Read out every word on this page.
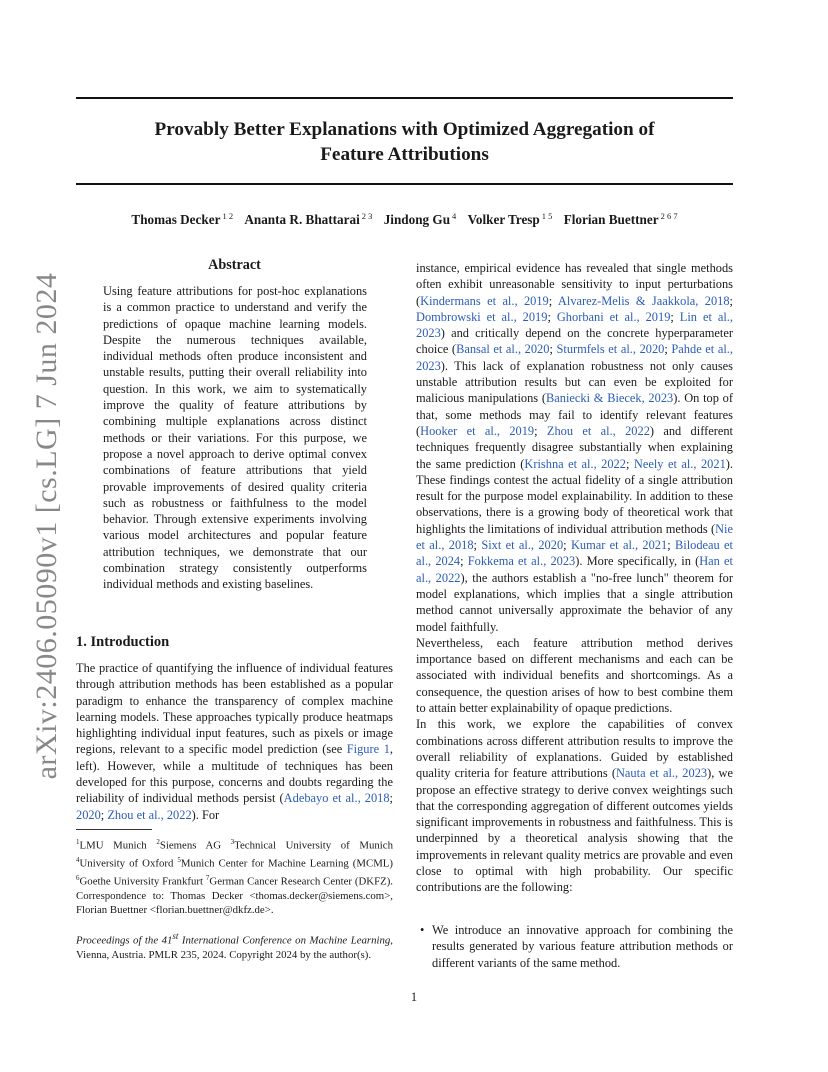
arXiv:2406.05090v1 [cs.LG] 7 Jun 2024
Provably Better Explanations with Optimized Aggregation of
Feature Attributions
Thomas Decker $^{1 2}$ Ananta R. Bhattarai $^{2 3}$ Jindong Gu $^4$ Volker Tresp $^{1 5}$ Florian Buettner $^{2 6 7}$
Abstract
Using feature attributions for post-hoc explanations is a common practice to understand and verify the predictions of opaque machine learning models. Despite the numerous techniques available, individual methods often produce inconsistent and unstable results, putting their overall reliability into question. In this work, we aim to systematically improve the quality of feature attributions by combining multiple explanations across distinct methods or their variations. For this purpose, we propose a novel approach to derive optimal convex combinations of feature attributions that yield provable improvements of desired quality criteria such as robustness or faithfulness to the model behavior. Through extensive experiments involving various model architectures and popular feature attribution techniques, we demonstrate that our combination strategy consistently outperforms individual methods and existing baselines.
1. Introduction
The practice of quantifying the influence of individual features through attribution methods has been established as a popular paradigm to enhance the transparency of complex machine learning models. These approaches typically produce heatmaps highlighting individual input features, such as pixels or image regions, relevant to a specific model prediction (see Figure 1, left). However, while a multitude of techniques has been developed for this purpose, concerns and doubts regarding the reliability of individual methods persist (Adebayo et al., 2018; 2020; Zhou et al., 2022). For
$^1$LMU Munich $^2$Siemens AG $^3$Technical University of Munich $^4$University of Oxford $^5$Munich Center for Machine Learning (MCML) $^6$Goethe University Frankfurt $^7$German Cancer Research Center (DKFZ). Correspondence to: Thomas Decker <thomas.decker@siemens.com>, Florian Buettner <florian.buettner@dkfz.de>.
Proceedings of the 41st International Conference on Machine Learning, Vienna, Austria. PMLR 235, 2024. Copyright 2024 by the author(s).

instance, empirical evidence has revealed that single methods often exhibit unreasonable sensitivity to input perturbations (Kindermans et al., 2019; Alvarez-Melis & Jaakkola, 2018; Dombrowski et al., 2019; Ghorbani et al., 2019; Lin et al., 2023) and critically depend on the concrete hyperparameter choice (Bansal et al., 2020; Sturmfels et al., 2020; Pahde et al., 2023). This lack of explanation robustness not only causes unstable attribution results but can even be exploited for malicious manipulations (Baniecki & Biecek, 2023). On top of that, some methods may fail to identify relevant features (Hooker et al., 2019; Zhou et al., 2022) and different techniques frequently disagree substantially when explaining the same prediction (Krishna et al., 2022; Neely et al., 2021). These findings contest the actual fidelity of a single attribution result for the purpose model explainability. In addition to these observations, there is a growing body of theoretical work that highlights the limitations of individual attribution methods (Nie et al., 2018; Sixt et al., 2020; Kumar et al., 2021; Bilodeau et al., 2024; Fokkema et al., 2023). More specifically, in (Han et al., 2022), the authors establish a "no-free lunch" theorem for model explanations, which implies that a single attribution method cannot universally approximate the behavior of any model faithfully.

Nevertheless, each feature attribution method derives importance based on different mechanisms and each can be associated with individual benefits and shortcomings. As a consequence, the question arises of how to best combine them to attain better explainability of opaque predictions.

In this work, we explore the capabilities of convex combinations across different attribution results to improve the overall reliability of explanations. Guided by established quality criteria for feature attributions (Nauta et al., 2023), we propose an effective strategy to derive convex weightings such that the corresponding aggregation of different outcomes yields significant improvements in robustness and faithfulness. This is underpinned by a theoretical analysis showing that the improvements in relevant quality metrics are provable and even close to optimal with high probability. Our specific contributions are the following:

• We introduce an innovative approach for combining the results generated by various feature attribution methods or different variants of the same method.
1
